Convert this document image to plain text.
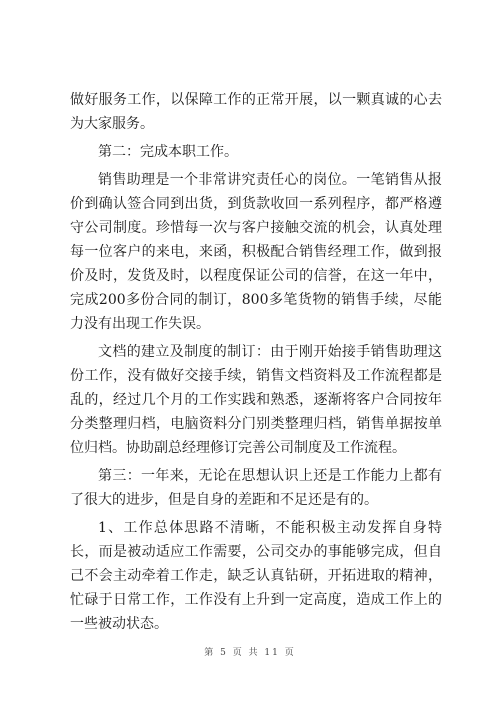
做好服务工作，以保障工作的正常开展，以一颗真诚的心去为大家服务。

第二：完成本职工作。

销售助理是一个非常讲究责任心的岗位。一笔销售从报价到确认签合同到出货，到货款收回一系列程序，都严格遵守公司制度。珍惜每一次与客户接触交流的机会，认真处理每一位客户的来电，来函，积极配合销售经理工作，做到报价及时，发货及时，以程度保证公司的信誉，在这一年中，完成200多份合同的制订，800多笔货物的销售手续，尽能力没有出现工作失误。

文档的建立及制度的制订：由于刚开始接手销售助理这份工作，没有做好交接手续，销售文档资料及工作流程都是乱的，经过几个月的工作实践和熟悉，逐渐将客户合同按年分类整理归档，电脑资料分门别类整理归档，销售单据按单位归档。协助副总经理修订完善公司制度及工作流程。

第三：一年来，无论在思想认识上还是工作能力上都有了很大的进步，但是自身的差距和不足还是有的。

1、工作总体思路不清晰，不能积极主动发挥自身特长，而是被动适应工作需要，公司交办的事能够完成，但自己不会主动牵着工作走，缺乏认真钻研，开拓进取的精神，忙碌于日常工作，工作没有上升到一定高度，造成工作上的一些被动状态。

第 5 页 共 11 页
